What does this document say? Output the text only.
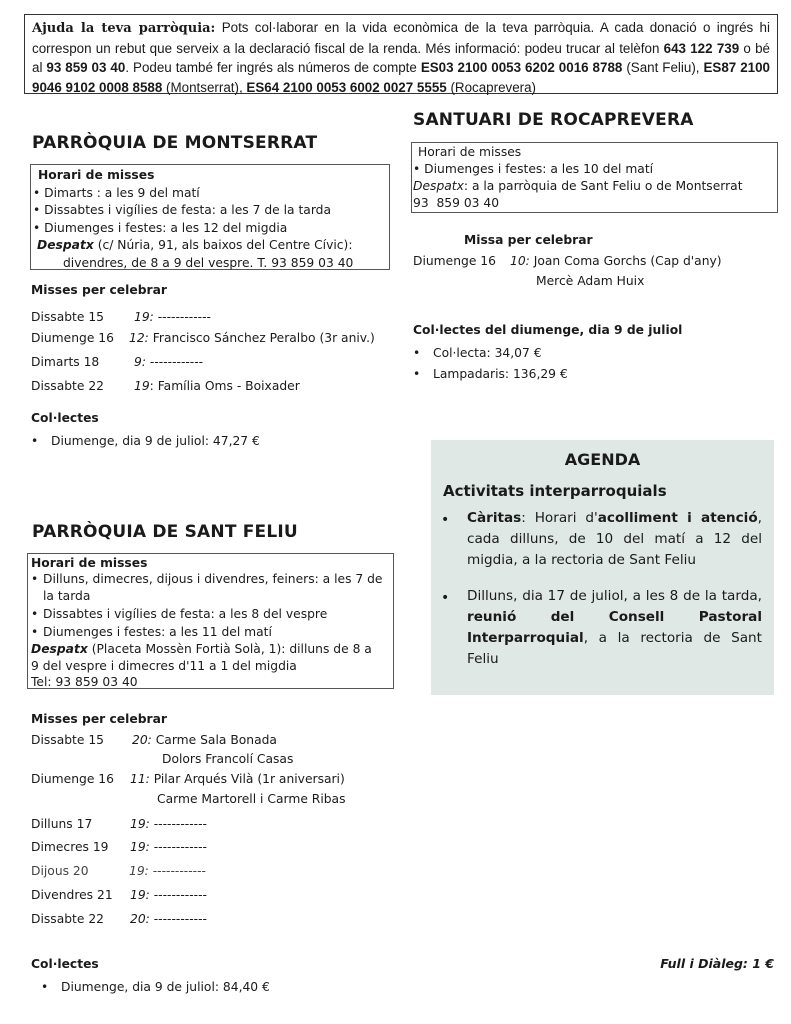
Ajuda la teva parròquia: Pots col·laborar en la vida econòmica de la teva parròquia. A cada donació o ingrés hi correspon un rebut que serveix a la declaració fiscal de la renda. Més informació: podeu trucar al telèfon 643 122 739 o bé al 93 859 03 40. Podeu també fer ingrés als números de compte ES03 2100 0053 6202 0016 8788 (Sant Feliu), ES87 2100 9046 9102 0008 8588 (Montserrat), ES64 2100 0053 6002 0027 5555 (Rocaprevera)
PARRÒQUIA DE MONTSERRAT
Horari de misses
• Dimarts : a les 9 del matí
• Dissabtes i vigílies de festa: a les 7 de la tarda
• Diumenges i festes: a les 12 del migdia
Despatx (c/ Núria, 91, als baixos del Centre Cívic):
divendres, de 8 a 9 del vespre. T. 93 859 03 40
Misses per celebrar
Dissabte 15 19: ------------
Diumenge 16 12: Francisco Sánchez Peralbo (3r aniv.)
Dimarts 18	9: ------------
Dissabte 22 19: Família Oms - Boixader
Col·lectes
• Diumenge, dia 9 de juliol: 47,27 €
SANTUARI DE ROCAPREVERA
Horari de misses
• Diumenges i festes: a les 10 del matí
Despatx: a la parròquia de Sant Feliu o de Montserrat
93  859 03 40
Missa per celebrar
Diumenge 16 10: Joan Coma Gorchs (Cap d'any)
Mercè Adam Huix
Col·lectes del diumenge, dia 9 de juliol
• Col·lecta: 34,07 €
• Lampadaris: 136,29 €
AGENDA
Activitats interparroquials
• Càritas: Horari d'acolliment i atenció, cada dilluns, de 10 del matí a 12 del migdia, a la rectoria de Sant Feliu
• Dilluns, dia 17 de juliol, a les 8 de la tarda, reunió del Consell Pastoral Interparroquial, a la rectoria de Sant Feliu
PARRÒQUIA DE SANT FELIU
Horari de misses
• Dilluns, dimecres, dijous i divendres, feiners: a les 7 de
la tarda
• Dissabtes i vigílies de festa: a les 8 del vespre
• Diumenges i festes: a les 11 del matí
Despatx (Placeta Mossèn Fortià Solà, 1): dilluns de 8 a
9 del vespre i dimecres d'11 a 1 del migdia
Tel: 93 859 03 40
Misses per celebrar
Dissabte 15 20: Carme Sala Bonada
Dolors Francolí Casas
Diumenge 16 11: Pilar Arqués Vilà (1r aniversari)
Carme Martorell i Carme Ribas
Dilluns 17	19: ------------
Dimecres 19 19: ------------
Dijous 20	19: ------------
Divendres 21 19: ------------
Dissabte 22 20: ------------
Col·lectes
• Diumenge, dia 9 de juliol: 84,40 €
Full i Diàleg: 1 €
